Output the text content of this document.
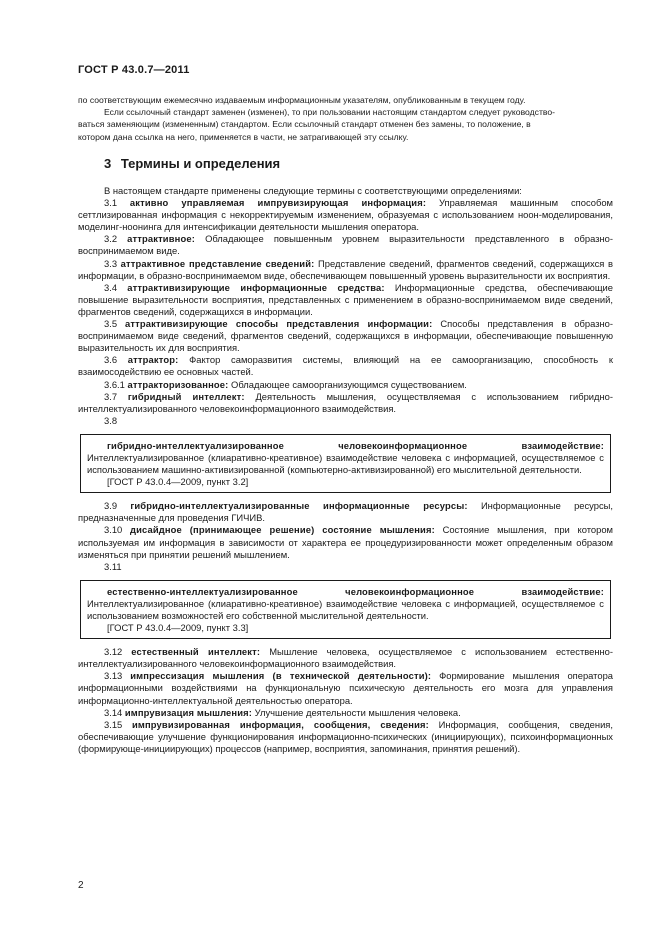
ГОСТ Р 43.0.7—2011

по соответствующим ежемесячно издаваемым информационным указателям, опубликованным в текущем году.

Если ссылочный стандарт заменен (изменен), то при пользовании настоящим стандартом следует руководство-

ваться заменяющим (измененным) стандартом. Если ссылочный стандарт отменен без замены, то положение, в

котором дана ссылка на него, применяется в части, не затрагивающей эту ссылку.

3 Термины и определения

В настоящем стандарте применены следующие термины с соответствующими определениями:

3.1 активно управляемая импрувизирующая информация: Управляемая машинным способом сеттлизированная информация с некорректируемым изменением, образуемая с использованием ноон-моделирования, моделинг-ноонинга для интенсификации деятельности мышления оператора.

3.2 аттрактивное: Обладающее повышенным уровнем выразительности представленного в образно-воспринимаемом виде.

3.3 аттрактивное представление сведений: Представление сведений, фрагментов сведений, содержащихся в информации, в образно-воспринимаемом виде, обеспечивающем повышенный уровень выразительности их восприятия.

3.4 аттрактивизирующие информационные средства: Информационные средства, обеспечивающие повышение выразительности восприятия, представленных с применением в образно-воспринимаемом виде сведений, фрагментов сведений, содержащихся в информации.

3.5 аттрактивизирующие способы представления информации: Способы представления в образно-воспринимаемом виде сведений, фрагментов сведений, содержащихся в информации, обеспечивающие повышенную выразительность их для восприятия.

3.6 аттрактор: Фактор саморазвития системы, влияющий на ее самоорганизацию, способность к взаимосодействию ее основных частей.

3.6.1 аттракторизованное: Обладающее самоорганизующимся существованием.

3.7 гибридный интеллект: Деятельность мышления, осуществляемая с использованием гибридно-интеллектуализированного человекоинформационного взаимодействия.

3.8

гибридно-интеллектуализированное человекоинформационное взаимодействие: Интеллектуализированное (клиаративно-креативное) взаимодействие человека с информацией, осуществляемое с использованием машинно-активизированной (компьютерно-активизированной) его мыслительной деятельности.

[ГОСТ Р 43.0.4—2009, пункт 3.2]

3.9 гибридно-интеллектуализированные информационные ресурсы: Информационные ресурсы, предназначенные для проведения ГИЧИВ.

3.10 дисайдное (принимающее решение) состояние мышления: Состояние мышления, при котором используемая им информация в зависимости от характера ее процедуризированности может определенным образом изменяться при принятии решений мышлением.

3.11

естественно-интеллектуализированное человекоинформационное взаимодействие: Интеллектуализированное (клиаративно-креативное) взаимодействие человека с информацией, осуществляемое с использованием возможностей его собственной мыслительной деятельности.

[ГОСТ Р 43.0.4—2009, пункт 3.3]

3.12 естественный интеллект: Мышление человека, осуществляемое с использованием естественно-интеллектуализированного человекоинформационного взаимодействия.

3.13 импрессизация мышления (в технической деятельности): Формирование мышления оператора информационными воздействиями на функциональную психическую деятельность его мозга для управления информационно-интеллектуальной деятельностью оператора.

3.14 импрувизация мышления: Улучшение деятельности мышления человека.

3.15 импрувизированная информация, сообщения, сведения: Информация, сообщения, сведения, обеспечивающие улучшение функционирования информационно-психических (инициирующих), психоинформационных (формирующе-инициирующих) процессов (например, восприятия, запоминания, принятия решений).

2
